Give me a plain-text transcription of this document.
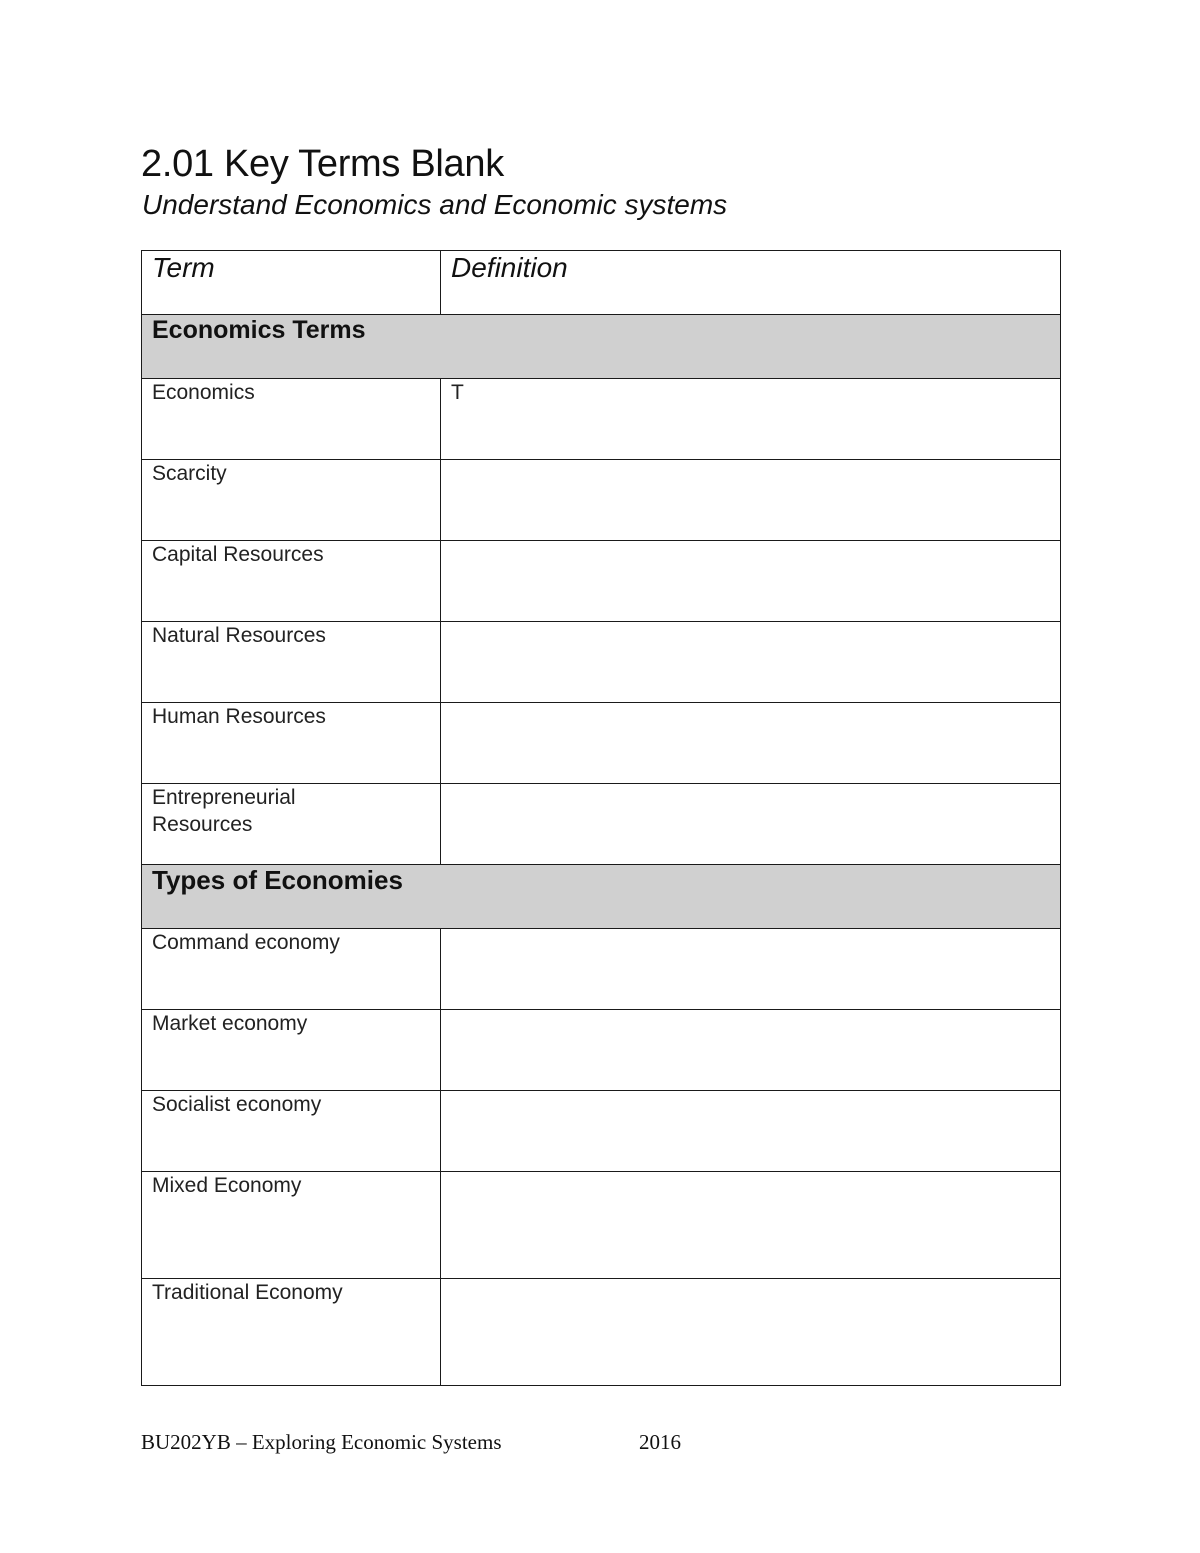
2.01 Key Terms Blank
Understand Economics and Economic systems
Term	Definition
Economics Terms	
Economics	T
Scarcity	
Capital Resources	
Natural Resources	
Human Resources	
Entrepreneurial Resources	
Types of Economies	
Command economy	
Market economy	
Socialist economy	
Mixed Economy	
Traditional Economy	
BU202YB – Exploring Economic Systems	2016
